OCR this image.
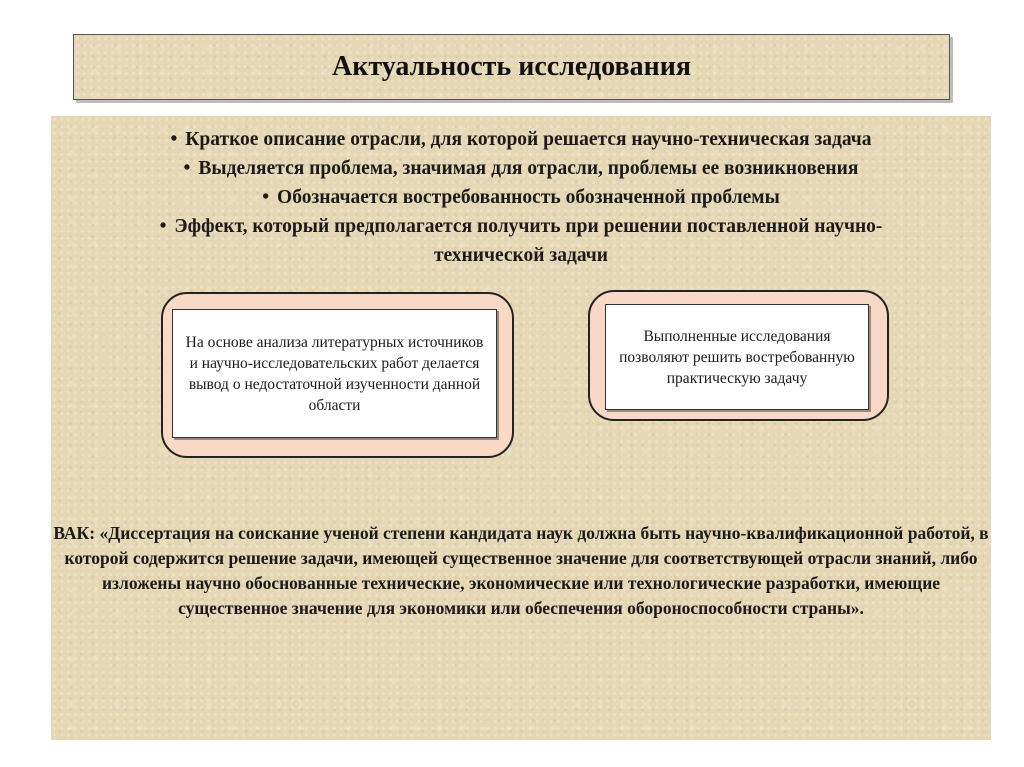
Актуальность исследования
• Краткое описание отрасли, для которой решается научно-техническая задача
• Выделяется проблема, значимая для отрасли, проблемы ее возникновения
• Обозначается востребованность обозначенной проблемы
• Эффект, который предполагается получить при решении поставленной научно-
технической задачи
На основе анализа литературных источников и научно-исследовательских работ делается вывод о недостаточной изученности данной области
Выполненные исследования позволяют решить востребованную практическую задачу

ВАК: «Диссертация на соискание ученой степени кандидата наук должна быть научно-квалификационной работой, в которой содержится решение задачи, имеющей существенное значение для соответствующей отрасли знаний, либо изложены научно обоснованные технические, экономические или технологические разработки, имеющие существенное значение для экономики или обеспечения обороноспособности страны».
